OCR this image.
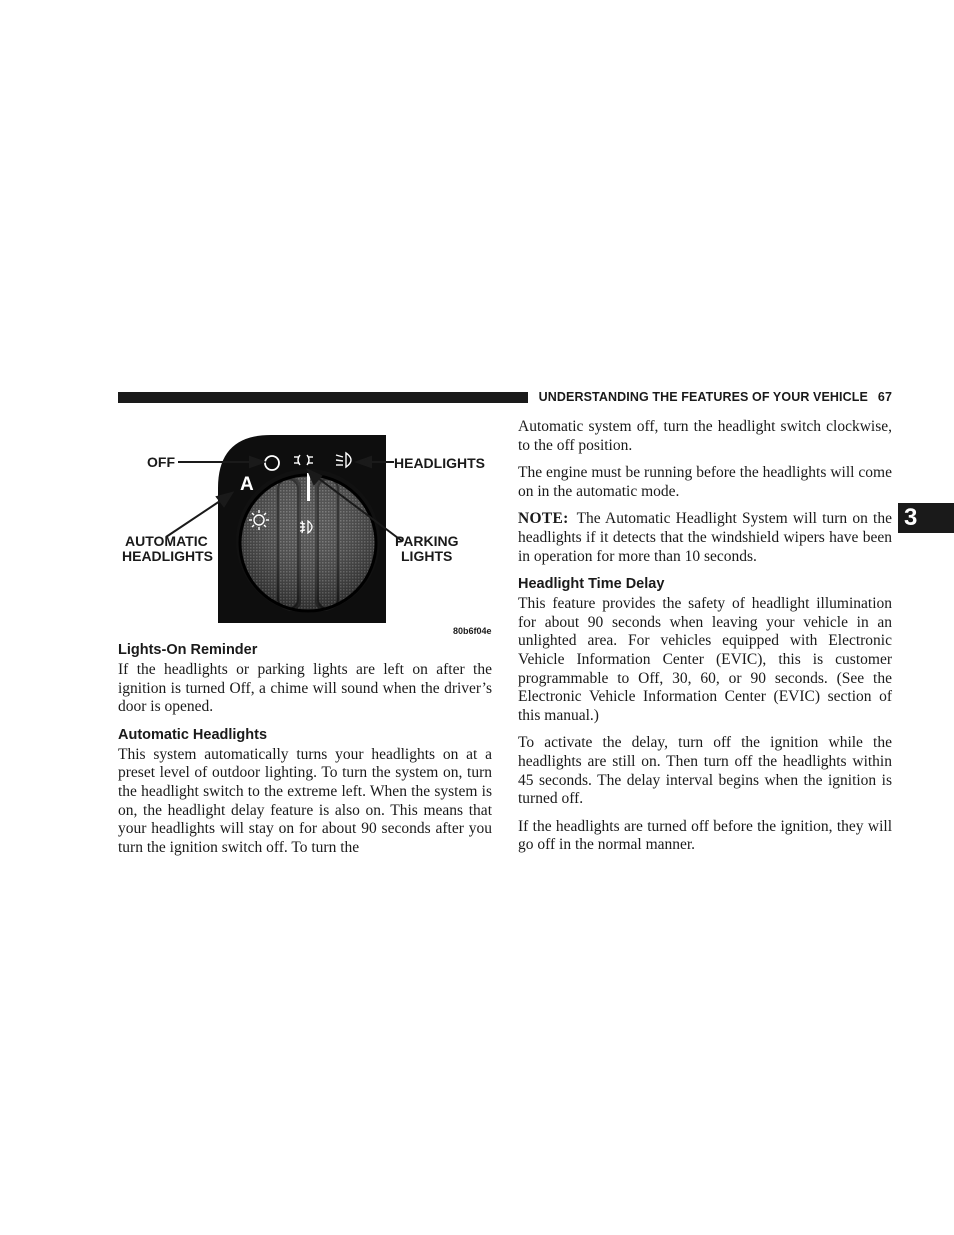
UNDERSTANDING THE FEATURES OF YOUR VEHICLE 67
3
A
OFF	HEADLIGHTS
AUTOMATIC
HEADLIGHTS
PARKING
LIGHTS
80b6f04e
Lights-On Reminder

If the headlights or parking lights are left on after the ignition is turned Off, a chime will sound when the driver’s door is opened.

Automatic Headlights

This system automatically turns your headlights on at a preset level of outdoor lighting. To turn the system on, turn the headlight switch to the extreme left. When the system is on, the headlight delay feature is also on. This means that your headlights will stay on for about 90 seconds after you turn the ignition switch off. To turn the

Automatic system off, turn the headlight switch clockwise, to the off position.

The engine must be running before the headlights will come on in the automatic mode.

NOTE: The Automatic Headlight System will turn on the headlights if it detects that the windshield wipers have been in operation for more than 10 seconds.

Headlight Time Delay

This feature provides the safety of headlight illumination for about 90 seconds when leaving your vehicle in an unlighted area. For vehicles equipped with Electronic Vehicle Information Center (EVIC), this is customer programmable to Off, 30, 60, or 90 seconds. (See the Electronic Vehicle Information Center (EVIC) section of this manual.)

To activate the delay, turn off the ignition while the headlights are still on. Then turn off the headlights within 45 seconds. The delay interval begins when the ignition is turned off.

If the headlights are turned off before the ignition, they will go off in the normal manner.
